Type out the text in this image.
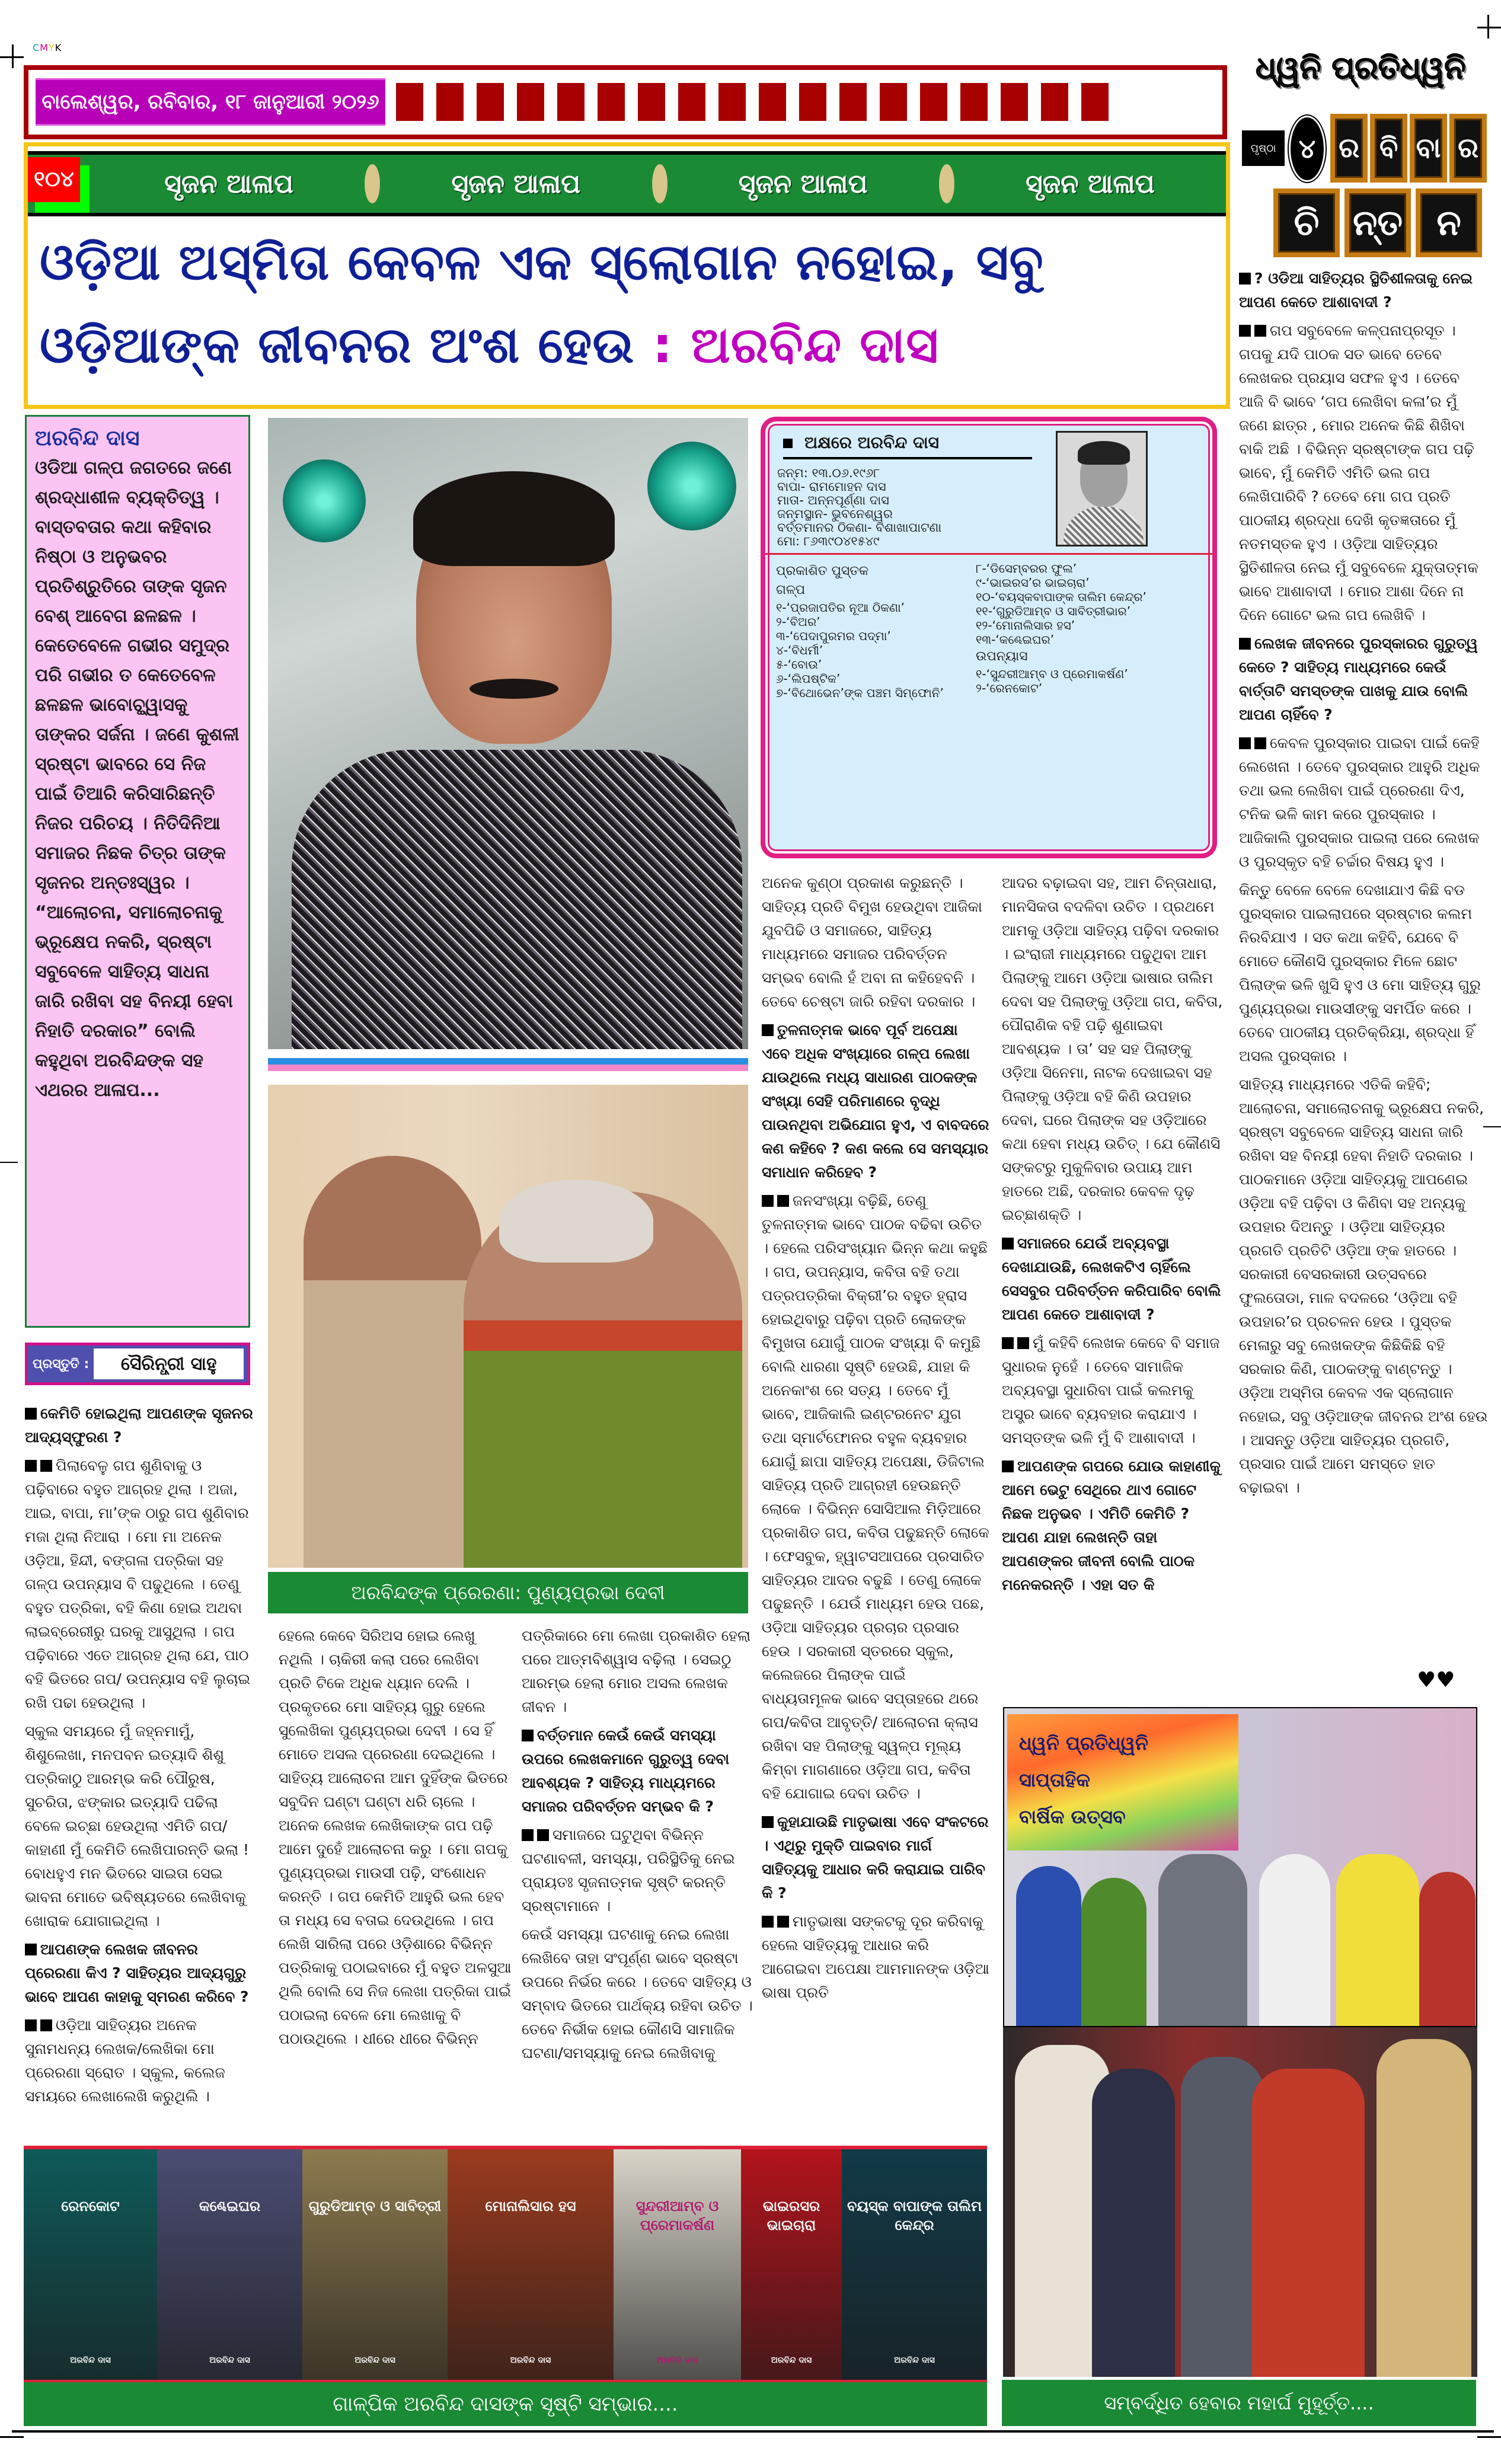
CMYK
ବାଲେଶ୍ୱର, ରବିବାର, ୧୮ ଜାନୁଆରୀ ୨୦୨୬
ଧ୍ୱନି ପ୍ରତିଧ୍ୱନି
ପୃଷ୍ଠା ୪ ର ବି ବା ର
ଚି ନ୍ତ ନ
୧୦୪	ସୃଜନ ଆଳାପ	ସୃଜନ ଆଳାପ	ସୃଜନ ଆଳାପ	ସୃଜନ ଆଳାପ
ଓଡ଼ିଆ ଅସ୍ମିତା କେବଳ ଏକ ସ୍ଲୋଗାନ ନହୋଇ, ସବୁ
ଓଡ଼ିଆଙ୍କ ଜୀବନର ଅଂଶ ହେଉ : ଅରବିନ୍ଦ ଦାସ
ଅରବିନ୍ଦ ଦାସ
ଓଡିଆ ଗଳ୍ପ ଜଗତରେ ଜଣେ ଶ୍ରଦ୍ଧାଶୀଳ ବ୍ୟକ୍ତିତ୍ୱ । ବାସ୍ତବତାର କଥା କହିବାର ନିଷ୍ଠା ଓ ଅନୁଭବର ପ୍ରତିଶ୍ରୁତିରେ ତାଙ୍କ ସୃଜନ ବେଶ୍ ଆବେଗ ଛଳଛଳ । କେତେବେଳେ ଗଭୀର ସମୁଦ୍ର ପରି ଗଭୀର ତ କେତେବେଳ ଛଳଛଳ ଭାବୋଚ୍ଛ୍ୱାସକୁ ତାଙ୍କର ସର୍ଜନା । ଜଣେ କୁଶଳୀ ସ୍ରଷ୍ଟା ଭାବରେ ସେ ନିଜ ପାଇଁ ତିଆରି କରିସାରିଛନ୍ତି ନିଜର ପରିଚୟ । ନିତିଦିନିଆ ସମାଜର ନିଛକ ଚିତ୍ର ତାଙ୍କ ସୃଜନର ଅନ୍ତଃସ୍ୱର । “ଆଲୋଚନା, ସମାଲୋଚନାକୁ ଭ୍ରୂକ୍ଷେପ ନକରି, ସ୍ରଷ୍ଟା ସବୁବେଳେ ସାହିତ୍ୟ ସାଧନା ଜାରି ରଖିବା ସହ ବିନୟୀ ହେବା ନିହାତି ଦରକାର” ବୋଲି କହୁଥିବା ଅରବିନ୍ଦଙ୍କ ସହ ଏଥରର ଆଳାପ...
ପ୍ରସ୍ତୁତି :	ସୈରିନ୍ଧ୍ରୀ ସାହୁ
ଅରବିନ୍ଦଙ୍କ ପ୍ରେରଣା: ପୁଣ୍ୟପ୍ରଭା ଦେବୀ
ଅକ୍ଷରେ ଅରବିନ୍ଦ ଦାସ
ଜନ୍ମ: ୧୩.୦୬.୧୯୬୮
ବାପା- ରାମମୋହନ ଦାସ
ମାତା- ଅନ୍ନପୂର୍ଣ୍ଣା ଦାସ
ଜନ୍ମସ୍ଥାନ- ଭୁବନେଶ୍ୱର
ବର୍ତ୍ତମାନର ଠିକଣା- ବିଶାଖାପାଟଣା
ମୋ: ୮୬୩୯୦୪୧୫୪୯
ପ୍ରକାଶିତ ପୁସ୍ତକ
ଗଳ୍ପ
୧-‘ପ୍ରଜାପତିର ନୂଆ ଠିକଣା’
୨-‘ବିଅର’
୩-‘ପେଦାପୁରମର ପଦ୍ମା’
୪-‘ବିଧର୍ମୀ’
୫-‘ବୋଉ’
୬-‘ଲିପଷ୍ଟିକ’
୭-‘ବିଥୋଭେନ’ଙ୍କ ପଞ୍ଚମ ସିମ୍ଫୋନି’
୮-‘ଡିସେମ୍ବରର ଫୁଲ’
୯-‘ଭାଇରସ’ର ଭାଇଚାରା’
୧୦-‘ବୟସ୍କବାପାଙ୍କ ତାଲିମ କେନ୍ଦ୍ର’
୧୧-‘ଗୁରୁଡିଆମ୍ବ ଓ ସାବିତ୍ରୀଭାର’
୧୨-‘ମୋନାଲିସାର ହସ’
୧୩-‘କଣ୍ଢେଇଘର’
ଉପନ୍ୟାସ
୧-‘ସୁନ୍ଦରୀଆମ୍ବ ଓ ପ୍ରେମାକର୍ଷଣ’
୨-‘ରେନକୋଟ’

କେମିତି ହୋଇଥିଲା ଆପଣଙ୍କ ସୃଜନର ଆଦ୍ୟସ୍ଫୁରଣ ?

ପିଲାବେଳୁ ଗପ ଶୁଣିବାକୁ ଓ ପଢ଼ିବାରେ ବହୁତ ଆଗ୍ରହ ଥିଲା । ଅଜା, ଆଇ, ବାପା, ମା’ଙ୍କ ଠାରୁ ଗପ ଶୁଣିବାର ମଜା ଥିଲା ନିଆରା । ମୋ ମା ଅନେକ ଓଡ଼ିଆ, ହିନ୍ଦୀ, ବଙ୍ଗଳା ପତ୍ରିକା ସହ ଗଳ୍ପ ଉପନ୍ୟାସ ବି ପଢୁଥିଲେ । ତେଣୁ ବହୁତ ପତ୍ରିକା, ବହି କିଣା ହୋଇ ଅଥବା ଲାଇବ୍ରେରୀରୁ ଘରକୁ ଆସୁଥିଲା । ଗପ ପଢ଼ିବାରେ ଏତେ ଆଗ୍ରହ ଥିଲା ଯେ, ପାଠ ବହି ଭିତରେ ଗପ/ ଉପନ୍ୟାସ ବହି ଲୁଚାଇ ରଖି ପଢା ହେଉଥିଲା ।

ସ୍କୁଲ ସମୟରେ ମୁଁ ଜହ୍ନମାମୁଁ, ଶିଶୁଲେଖା, ମନପବନ ଇତ୍ୟାଦି ଶିଶୁ ପତ୍ରିକାଠୁ ଆରମ୍ଭ କରି ପୌରୁଷ, ସୁଚରିତା, ଝଙ୍କାର ଇତ୍ୟାଦି ପଢିଲା ବେଳେ ଇଚ୍ଛା ହେଉଥିଲା ଏମିତି ଗପ/ କାହାଣୀ ମୁଁ କେମିତି ଲେଖିପାରନ୍ତି ଭଲା ! ବୋଧହୁଏ ମନ ଭିତରେ ସାଇତା ସେଇ ଭାବନା ମୋତେ ଭବିଷ୍ୟତରେ ଲେଖିବାକୁ ଖୋରାକ ଯୋଗାଇଥିଲା ।

ଆପଣଙ୍କ ଲେଖକ ଜୀବନର ପ୍ରେରଣା କିଏ ? ସାହିତ୍ୟର ଆଦ୍ୟଗୁରୁ ଭାବେ ଆପଣ କାହାକୁ ସ୍ମରଣ କରିବେ ?

ଓଡ଼ିଆ ସାହିତ୍ୟର ଅନେକ ସୁନାମଧନ୍ୟ ଲେଖକ/ଲେଖିକା ମୋ ପ୍ରେରଣା ସ୍ରୋତ । ସ୍କୁଲ, କଲେଜ ସମୟରେ ଲେଖାଲେଖି କରୁଥିଲି ।

ହେଲେ କେବେ ସିରିଅସ ହୋଇ ଲେଖୁ ନଥିଲି । ଚାକିରୀ କଲା ପରେ ଲେଖିବା ପ୍ରତି ଟିକେ ଅଧିକ ଧ୍ୟାନ ଦେଲି । ପ୍ରକୃତରେ ମୋ ସାହିତ୍ୟ ଗୁରୁ ହେଲେ ସୁଲେଖିକା ପୁଣ୍ୟପ୍ରଭା ଦେବୀ । ସେ ହିଁ ମୋତେ ଅସଲ ପ୍ରେରଣା ଦେଇଥିଲେ । ସାହିତ୍ୟ ଆଲୋଚନା ଆମ ଦୁହିଁଙ୍କ ଭିତରେ ସବୁଦିନ ଘଣ୍ଟା ଘଣ୍ଟା ଧରି ଚାଲେ । ଅନେକ ଲେଖକ ଲେଖିକାଙ୍କ ଗପ ପଢ଼ି ଆମେ ଦୁହେଁ ଆଲୋଚନା କରୁ । ମୋ ଗପକୁ ପୁଣ୍ୟପ୍ରଭା ମାଉସୀ ପଢ଼ି, ସଂଶୋଧନ କରନ୍ତି । ଗପ କେମିତି ଆହୁରି ଭଲ ହେବ ତା ମଧ୍ୟ ସେ ବତାଇ ଦେଉଥିଲେ । ଗପ ଲେଖି ସାରିଲା ପରେ ଓଡ଼ିଶାରେ ବିଭିନ୍ନ ପତ୍ରିକାକୁ ପଠାଇବାରେ ମୁଁ ବହୁତ ଅଳସୁଆ ଥିଲି ବୋଲି ସେ ନିଜ ଲେଖା ପତ୍ରିକା ପାଇଁ ପଠାଇଲା ବେଳେ ମୋ ଲେଖାକୁ ବି ପଠାଉଥିଲେ । ଧୀରେ ଧୀରେ ବିଭିନ୍ନ

ପତ୍ରିକାରେ ମୋ ଲେଖା ପ୍ରକାଶିତ ହେଲା ପରେ ଆତ୍ମବିଶ୍ୱାସ ବଢ଼ିଲା । ସେଇଠୁ ଆରମ୍ଭ ହେଲା ମୋର ଅସଲ ଲେଖକ ଜୀବନ ।

ବର୍ତ୍ତମାନ କେଉଁ କେଉଁ ସମସ୍ୟା ଉପରେ ଲେଖକମାନେ ଗୁରୁତ୍ୱ ଦେବା ଆବଶ୍ୟକ ? ସାହିତ୍ୟ ମାଧ୍ୟମରେ ସମାଜର ପରିବର୍ତ୍ତନ ସମ୍ଭବ କି ?

ସମାଜରେ ଘଟୁଥିବା ବିଭିନ୍ନ ଘଟଣାବଳୀ, ସମସ୍ୟା, ପରିସ୍ଥିତିକୁ ନେଇ ପ୍ରାୟତଃ ସୃଜନାତ୍ମକ ସୃଷ୍ଟି କରନ୍ତି ସ୍ରଷ୍ଟାମାନେ ।

କେଉଁ ସମସ୍ୟା ଘଟଣାକୁ ନେଇ ଲେଖା ଲେଖିବେ ତାହା ସଂପୂର୍ଣ୍ଣ ଭାବେ ସ୍ରଷ୍ଟା ଉପରେ ନିର୍ଭର କରେ । ତେବେ ସାହିତ୍ୟ ଓ ସମ୍ବାଦ ଭିତରେ ପାର୍ଥକ୍ୟ ରହିବା ଉଚିତ । ତେବେ ନିର୍ଭୀକ ହୋଇ କୌଣସି ସାମାଜିକ ଘଟଣା/ସମସ୍ୟାକୁ ନେଇ ଲେଖିବାକୁ

ଅନେକ କୁଣ୍ଠା ପ୍ରକାଶ କରୁଛନ୍ତି । ସାହିତ୍ୟ ପ୍ରତି ବିମୁଖ ହେଉଥିବା ଆଜିକା ଯୁବପିଢି ଓ ସମାଜରେ, ସାହିତ୍ୟ ମାଧ୍ୟମରେ ସମାଜର ପରିବର୍ତ୍ତନ ସମ୍ଭବ ବୋଲି ହଁ ଅବା ନା କହିହେବନି । ତେବେ ଚେଷ୍ଟା ଜାରି ରହିବା ଦରକାର ।

ତୁଳନାତ୍ମକ ଭାବେ ପୂର୍ବ ଅପେକ୍ଷା ଏବେ ଅଧିକ ସଂଖ୍ୟାରେ ଗଳ୍ପ ଲେଖା ଯାଉଥିଲେ ମଧ୍ୟ ସାଧାରଣ ପାଠକଙ୍କ ସଂଖ୍ୟା ସେହି ପରିମାଣରେ ବୃଦ୍ଧି ପାଉନଥିବା ଅଭିଯୋଗ ହୁଏ, ଏ ବାବଦରେ କଣ କହିବେ ? କଣ କଲେ ସେ ସମସ୍ୟାର ସମାଧାନ କରିହେବ ?

ଜନସଂଖ୍ୟା ବଢ଼ିଛି, ତେଣୁ ତୁଳନାତ୍ମକ ଭାବେ ପାଠକ ବଢିବା ଉଚିତ । ହେଲେ ପରିସଂଖ୍ୟାନ ଭିନ୍ନ କଥା କହୁଛି । ଗପ, ଉପନ୍ୟାସ, କବିତା ବହି ତଥା ପତ୍ରପତ୍ରିକା ବିକ୍ରୀ’ର ବହୁତ ହ୍ରାସ ହୋଇଥିବାରୁ ପଢ଼ିବା ପ୍ରତି ଲୋକଙ୍କ ବିମୁଖତା ଯୋଗୁଁ ପାଠକ ସଂଖ୍ୟା ବି କମୁଛି ବୋଲି ଧାରଣା ସୃଷ୍ଟି ହେଉଛି, ଯାହା କି ଅନେକାଂଶ ରେ ସତ୍ୟ । ତେବେ ମୁଁ ଭାବେ, ଆଜିକାଲି ଇଣ୍ଟରନେଟ ଯୁଗ ତଥା ସ୍ମାର୍ଟଫୋନର ବହୁଳ ବ୍ୟବହାର ଯୋଗୁଁ ଛାପା ସାହିତ୍ୟ ଅପେକ୍ଷା, ଡିଜିଟାଲ ସାହିତ୍ୟ ପ୍ରତି ଆଗ୍ରହୀ ହେଉଛନ୍ତି ଲୋକେ । ବିଭିନ୍ନ ସୋସିଆଲ ମିଡ଼ିଆରେ ପ୍ରକାଶିତ ଗପ, କବିତା ପଢୁଛନ୍ତି ଲୋକେ । ଫେସବୁକ, ହ୍ୱାଟସଆପରେ ପ୍ରସାରିତ ସାହିତ୍ୟର ଆଦର ବଢୁଛି । ତେଣୁ ଲୋକେ ପଢୁଛନ୍ତି । ଯେଉଁ ମାଧ୍ୟମ ହେଉ ପଛେ, ଓଡ଼ିଆ ସାହିତ୍ୟର ପ୍ରଚାର ପ୍ରସାର ହେଉ । ସରକାରୀ ସ୍ତରରେ ସ୍କୁଲ, କଲେଜରେ ପିଲାଙ୍କ ପାଇଁ ବାଧ୍ୟତାମୂଳକ ଭାବେ ସପ୍ତାହରେ ଥରେ ଗପ/କବିତା ଆବୃତ୍ତି/ ଆଲୋଚନା କ୍ଲାସ ରଖିବା ସହ ପିଲାଙ୍କୁ ସ୍ୱଳ୍ପ ମୂଲ୍ୟ କିମ୍ବା ମାଗଣାରେ ଓଡ଼ିଆ ଗପ, କବିତା ବହି ଯୋଗାଇ ଦେବା ଉଚିତ ।

କୁହାଯାଉଛି ମାତୃଭାଷା ଏବେ ସଂକଟରେ । ଏଥିରୁ ମୁକ୍ତି ପାଇବାର ମାର୍ଗ ସାହିତ୍ୟକୁ ଆଧାର କରି କରାଯାଇ ପାରିବ କି ?

ମାତୃଭାଷା ସଙ୍କଟକୁ ଦୂର କରିବାକୁ ହେଲେ ସାହିତ୍ୟକୁ ଆଧାର କରି ଆଗେଇବା ଅପେକ୍ଷା ଆମମାନଙ୍କ ଓଡ଼ିଆ ଭାଷା ପ୍ରତି

ଆଦର ବଢ଼ାଇବା ସହ, ଆମ ଚିନ୍ତାଧାରା, ମାନସିକତା ବଦଳିବା ଉଚିତ । ପ୍ରଥମେ ଆମକୁ ଓଡ଼ିଆ ସାହିତ୍ୟ ପଢ଼ିବା ଦରକାର । ଇଂରାଜୀ ମାଧ୍ୟମରେ ପଢୁଥିବା ଆମ ପିଲାଙ୍କୁ ଆମେ ଓଡ଼ିଆ ଭାଷାର ତାଲିମ ଦେବା ସହ ପିଲାଙ୍କୁ ଓଡ଼ିଆ ଗପ, କବିତା, ପୌରାଣିକ ବହି ପଢ଼ି ଶୁଣାଇବା ଆବଶ୍ୟକ । ତା’ ସହ ସହ ପିଲାଙ୍କୁ ଓଡ଼ିଆ ସିନେମା, ନାଟକ ଦେଖାଇବା ସହ ପିଲାଙ୍କୁ ଓଡ଼ିଆ ବହି କିଣି ଉପହାର ଦେବା, ଘରେ ପିଲାଙ୍କ ସହ ଓଡ଼ିଆରେ କଥା ହେବା ମଧ୍ୟ ଉଚିତ୍ । ଯେ କୌଣସି ସଙ୍କଟରୁ ମୁକୁଳିବାର ଉପାୟ ଆମ ହାତରେ ଅଛି, ଦରକାର କେବଳ ଦୃଢ଼ ଇଚ୍ଛାଶକ୍ତି ।

ସମାଜରେ ଯେଉଁ ଅବ୍ୟବସ୍ଥା ଦେଖାଯାଉଛି, ଲେଖକଟିଏ ଚାହିଁଲେ ସେସବୁର ପରିବର୍ତ୍ତନ କରିପାରିବ ବୋଲି ଆପଣ କେତେ ଆଶାବାଦୀ ?

ମୁଁ କହିବି ଲେଖକ କେବେ ବି ସମାଜ ସୁଧାରକ ନୁହେଁ । ତେବେ ସାମାଜିକ ଅବ୍ୟବସ୍ଥା ସୁଧାରିବା ପାଇଁ କଲମକୁ ଅସ୍ତ୍ର ଭାବେ ବ୍ୟବହାର କରାଯାଏ । ସମସ୍ତଙ୍କ ଭଳି ମୁଁ ବି ଆଶାବାଦୀ ।

ଆପଣଙ୍କ ଗପରେ ଯୋଉ କାହାଣୀକୁ ଆମେ ଭେଟୁ ସେଥିରେ ଥାଏ ଗୋଟେ ନିଛକ ଅନୁଭବ । ଏମିତି କେମିତି ? ଆପଣ ଯାହା ଲେଖନ୍ତି ତାହା ଆପଣଙ୍କର ଜୀବନୀ ବୋଲି ପାଠକ ମନେକରନ୍ତି । ଏହା ସତ କି

? ଓଡିଆ ସାହିତ୍ୟର ସ୍ଥିତିଶୀଳତାକୁ ନେଇ ଆପଣ କେତେ ଆଶାବାଦୀ ?

ଗପ ସବୁବେଳେ କଳ୍ପନାପ୍ରସୂତ । ଗପକୁ ଯଦି ପାଠକ ସତ ଭାବେ ତେବେ ଲେଖକର ପ୍ରୟାସ ସଫଳ ହୁଏ । ତେବେ ଆଜି ବି ଭାବେ ‘ଗପ ଲେଖିବା କଳା’ର ମୁଁ ଜଣେ ଛାତ୍ର , ମୋର ଅନେକ କିଛି ଶିଖିବା ବାକି ଅଛି । ବିଭିନ୍ନ ସ୍ରଷ୍ଟାଙ୍କ ଗପ ପଢ଼ି ଭାବେ, ମୁଁ କେମିତି ଏମିତି ଭଲ ଗପ ଲେଖିପାରିବି ? ତେବେ ମୋ ଗପ ପ୍ରତି ପାଠକୀୟ ଶ୍ରଦ୍ଧା ଦେଖି କୃତଜ୍ଞତାରେ ମୁଁ ନତମସ୍ତକ ହୁଏ । ଓଡ଼ିଆ ସାହିତ୍ୟର ସ୍ଥିତିଶୀଳତା ନେଇ ମୁଁ ସବୁବେଳେ ଯୁକ୍ତାତ୍ମକ ଭାବେ ଆଶାବାଦୀ । ମୋର ଆଶା ଦିନେ ନା ଦିନେ ଗୋଟେ ଭଲ ଗପ ଲେଖିବି ।

ଲେଖକ ଜୀବନରେ ପୁରସ୍କାରର ଗୁରୁତ୍ୱ କେତେ ? ସାହିତ୍ୟ ମାଧ୍ୟମରେ କେଉଁ ବାର୍ତ୍ତାଟି ସମସ୍ତଙ୍କ ପାଖକୁ ଯାଉ ବୋଲି ଆପଣ ଚାହିଁବେ ?

କେବଳ ପୁରସ୍କାର ପାଇବା ପାଇଁ କେହି ଲେଖେନା । ତେବେ ପୁରସ୍କାର ଆହୁରି ଅଧିକ ତଥା ଭଲ ଲେଖିବା ପାଇଁ ପ୍ରେରଣା ଦିଏ, ଟନିକ ଭଳି କାମ କରେ ପୁରସ୍କାର । ଆଜିକାଲି ପୁରସ୍କାର ପାଇଲା ପରେ ଲେଖକ ଓ ପୁରସ୍କୃତ ବହି ଚର୍ଚ୍ଚାର ବିଷୟ ହୁଏ ।

କିନ୍ତୁ ବେଳେ ବେଳେ ଦେଖାଯାଏ କିଛି ବଡ ପୁରସ୍କାର ପାଇଲାପରେ ସ୍ରଷ୍ଟାର କଲମ ନିରବିଯାଏ । ସତ କଥା କହିବି, ଯେବେ ବି ମୋତେ କୌଣସି ପୁରସ୍କାର ମିଳେ ଛୋଟ ପିଲାଙ୍କ ଭଳି ଖୁସି ହୁଏ ଓ ମୋ ସାହିତ୍ୟ ଗୁରୁ ପୁଣ୍ୟପ୍ରଭା ମାଉସୀଙ୍କୁ ସମର୍ପିତ କରେ । ତେବେ ପାଠକୀୟ ପ୍ରତିକ୍ରିୟା, ଶ୍ରଦ୍ଧା ହିଁ ଅସଲ ପୁରସ୍କାର ।

ସାହିତ୍ୟ ମାଧ୍ୟମରେ ଏତିକି କହିବି; ଆଲୋଚନା, ସମାଲୋଚନାକୁ ଭ୍ରୂକ୍ଷେପ ନକରି, ସ୍ରଷ୍ଟା ସବୁବେଳେ ସାହିତ୍ୟ ସାଧନା ଜାରି ରଖିବା ସହ ବିନୟୀ ହେବା ନିହାତି ଦରକାର । ପାଠକମାନେ ଓଡ଼ିଆ ସାହିତ୍ୟକୁ ଆପଣେଇ ଓଡ଼ିଆ ବହି ପଢ଼ିବା ଓ କିଣିବା ସହ ଅନ୍ୟକୁ ଉପହାର ଦିଅନ୍ତୁ । ଓଡ଼ିଆ ସାହିତ୍ୟର ପ୍ରଗତି ପ୍ରତିଟି ଓଡ଼ିଆ ଙ୍କ ହାତରେ । ସରକାରୀ ବେସରକାରୀ ଉତ୍ସବରେ ଫୁଲତୋଡା, ମାଳ ବଦଳରେ ‘ଓଡ଼ିଆ ବହି ଉପହାର’ର ପ୍ରଚଳନ ହେଉ । ପୁସ୍ତକ ମେଳାରୁ ସବୁ ଲେଖକଙ୍କ କିଛିକିଛି ବହି ସରକାର କିଣି, ପାଠକଙ୍କୁ ବାଣ୍ଟନ୍ତୁ । ଓଡ଼ିଆ ଅସ୍ମିତା କେବଳ ଏକ ସ୍ଲୋଗାନ ନହୋଇ, ସବୁ ଓଡ଼ିଆଙ୍କ ଜୀବନର ଅଂଶ ହେଉ । ଆସନ୍ତୁ ଓଡ଼ିଆ ସାହିତ୍ୟର ପ୍ରଗତି, ପ୍ରସାର ପାଇଁ ଆମେ ସମସ୍ତେ ହାତ ବଢ଼ାଇବା ।

♥♥
ଧ୍ୱନି ପ୍ରତିଧ୍ୱନି
ସାପ୍ତାହିକ
ବାର୍ଷିକ ଉତ୍ସବ
ସମ୍ବର୍ଦ୍ଧିତ ହେବାର ମହାର୍ଘ ମୁହୂର୍ତ୍ତ....
ରେନକୋଟ
ଅରବିନ୍ଦ ଦାସ
କଣ୍ଢେଇଘର
ଅରବିନ୍ଦ ଦାସ
ଗୁରୁଡିଆମ୍ବ ଓ ସାବିତ୍ରୀ
ଅରବିନ୍ଦ ଦାସ
ମୋନାଲିସାର ହସ
ଅରବିନ୍ଦ ଦାସ
ସୁନ୍ଦରୀଆମ୍ବ ଓ ପ୍ରେମାକର୍ଷଣ
ଅରବିନ୍ଦ ଦାସ
ଭାଇରସର ଭାଇଚାରା
ଅରବିନ୍ଦ ଦାସ
ବୟସ୍କ ବାପାଙ୍କ ତାଲିମ କେନ୍ଦ୍ର
ଅରବିନ୍ଦ ଦାସ
ଗାଳ୍ପିକ ଅରବିନ୍ଦ ଦାସଙ୍କ ସୃଷ୍ଟି ସମ୍ଭାର....
